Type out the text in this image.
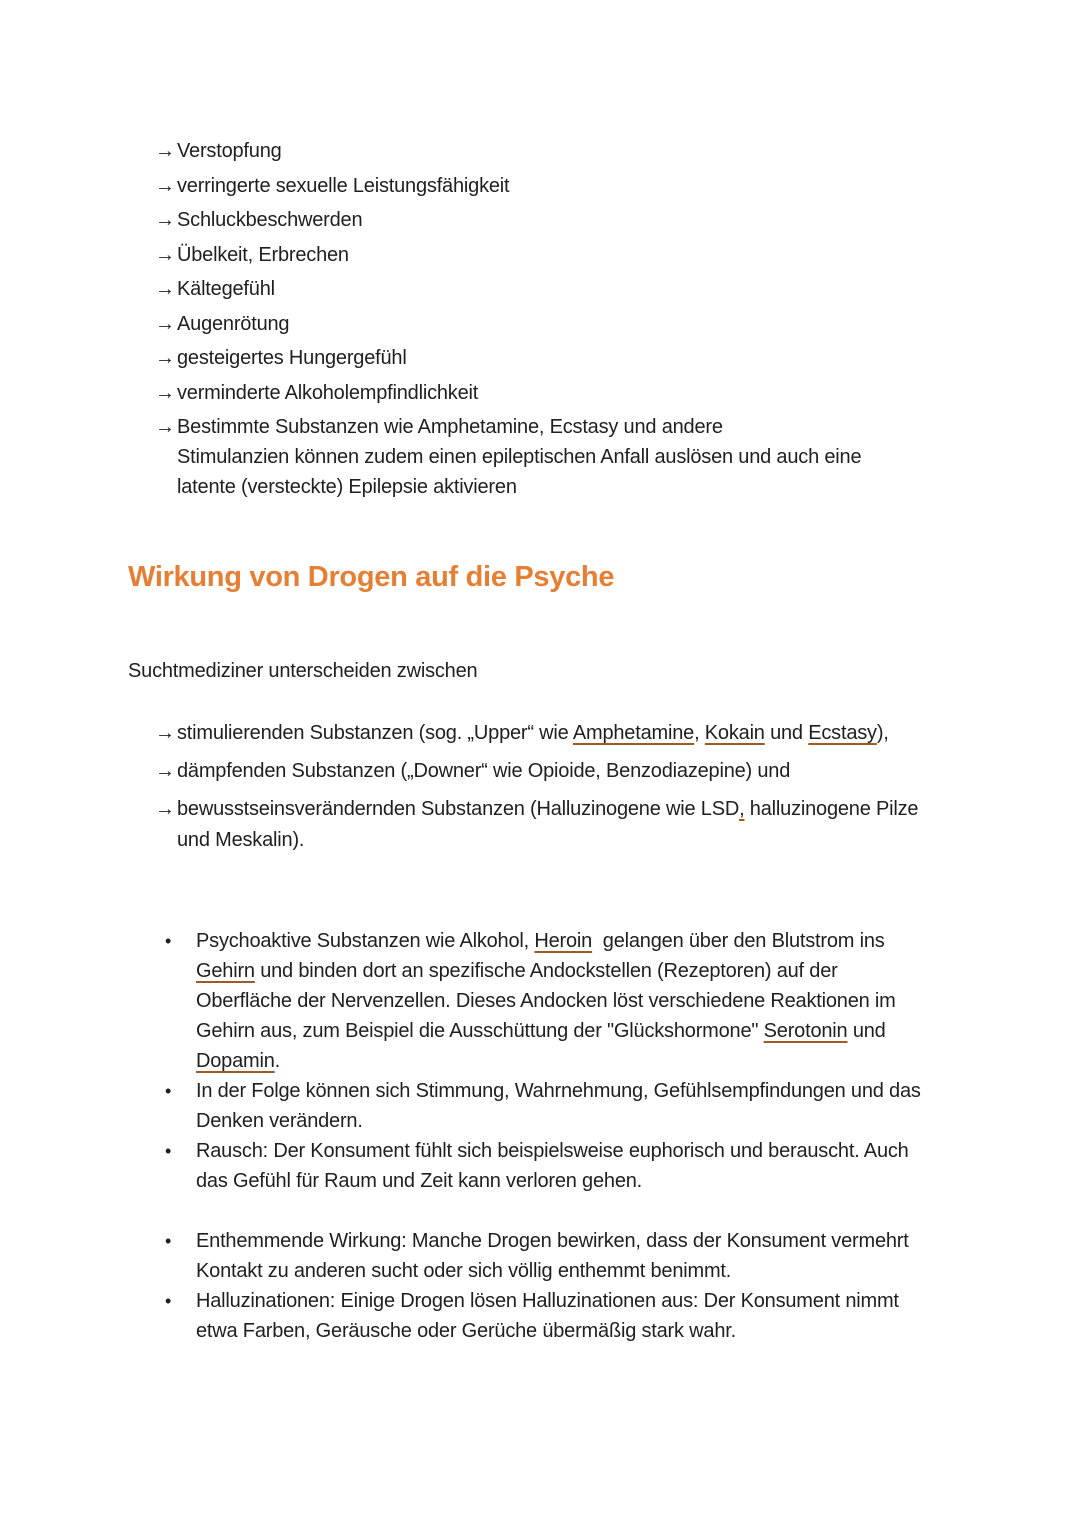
→ Verstopfung
→ verringerte sexuelle Leistungsfähigkeit
→ Schluckbeschwerden
→ Übelkeit, Erbrechen
→ Kältegefühl
→ Augenrötung
→ gesteigertes Hungergefühl
→ verminderte Alkoholempfindlichkeit
→ Bestimmte Substanzen wie Amphetamine, Ecstasy und andere
Stimulanzien können zudem einen epileptischen Anfall auslösen und auch eine
latente (versteckte) Epilepsie aktivieren
Wirkung von Drogen auf die Psyche

Suchtmediziner unterscheiden zwischen

→ stimulierenden Substanzen (sog. „Upper“ wie Amphetamine, Kokain und Ecstasy),
→ dämpfenden Substanzen („Downer“ wie Opioide, Benzodiazepine) und
→ bewusstseinsverändernden Substanzen (Halluzinogene wie LSD, halluzinogene Pilze
und Meskalin).
•	Psychoaktive Substanzen wie Alkohol, Heroin  gelangen über den Blutstrom ins
Gehirn und binden dort an spezifische Andockstellen (Rezeptoren) auf der
Oberfläche der Nervenzellen. Dieses Andocken löst verschiedene Reaktionen im
Gehirn aus, zum Beispiel die Ausschüttung der "Glückshormone" Serotonin und
Dopamin.
•	In der Folge können sich Stimmung, Wahrnehmung, Gefühlsempfindungen und das
Denken verändern.
•	Rausch: Der Konsument fühlt sich beispielsweise euphorisch und berauscht. Auch
das Gefühl für Raum und Zeit kann verloren gehen.
•	Enthemmende Wirkung: Manche Drogen bewirken, dass der Konsument vermehrt
Kontakt zu anderen sucht oder sich völlig enthemmt benimmt.
•	Halluzinationen: Einige Drogen lösen Halluzinationen aus: Der Konsument nimmt
etwa Farben, Geräusche oder Gerüche übermäßig stark wahr.
